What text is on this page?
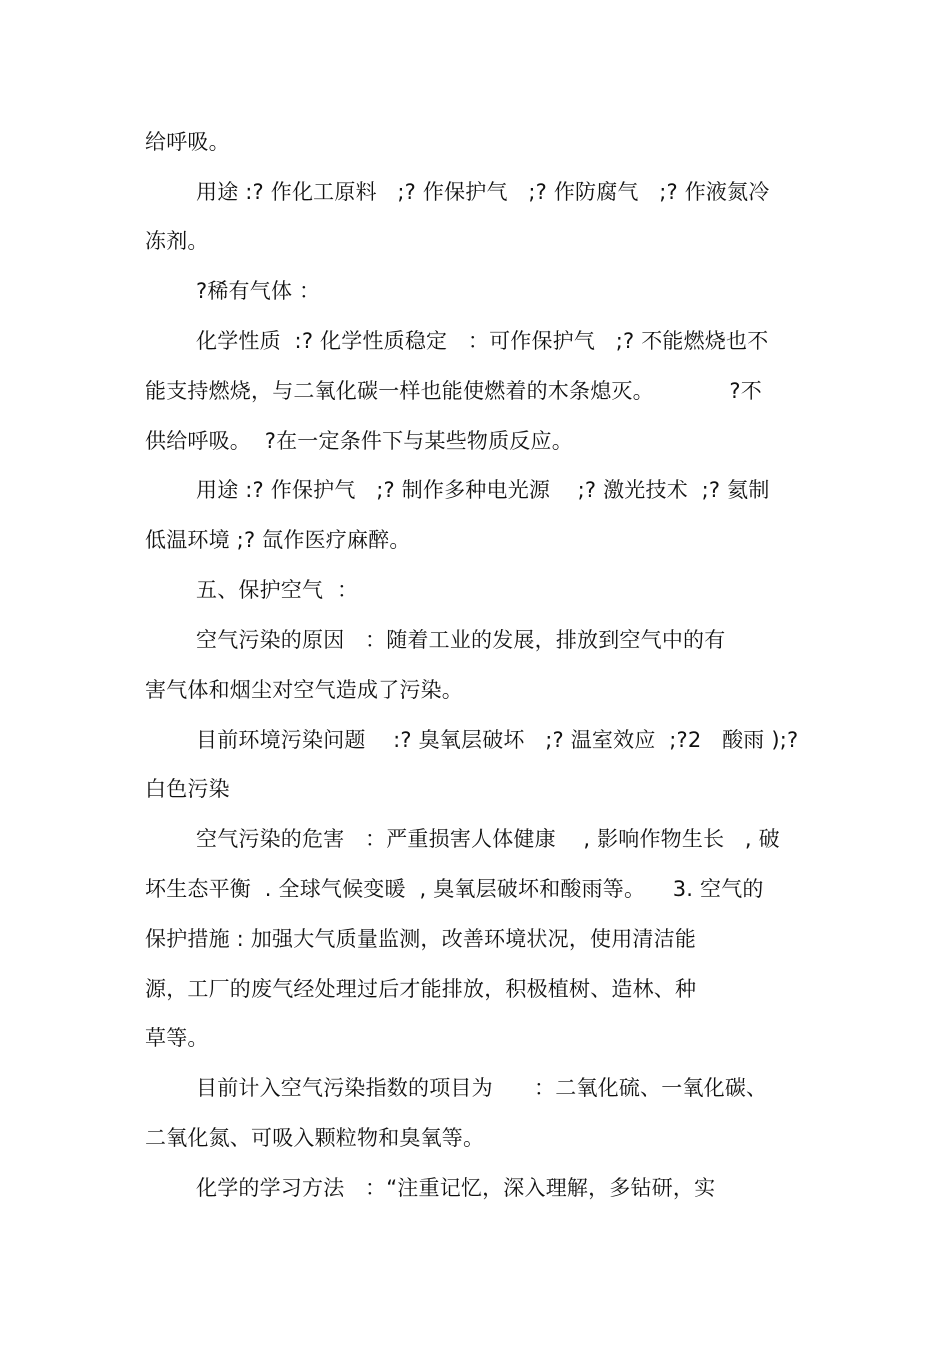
给呼吸。
用途 :? 作化工原料   ;? 作保护气   ;? 作防腐气   ;? 作液氮冷
冻剂。
?稀有气体 ：
化学性质  :? 化学性质稳定   ：可作保护气   ;? 不能燃烧也不
能支持燃烧，与二氧化碳一样也能使燃着的木条熄灭。           ?不
供给呼吸。  ?在一定条件下与某些物质反应。
用途 :? 作保护气   ;? 制作多种电光源    ;? 激光技术  ;? 氦制
低温环境 ;? 氙作医疗麻醉。
五、保护空气  ：
空气污染的原因   ：随着工业的发展，排放到空气中的有
害气体和烟尘对空气造成了污染。
目前环境污染问题    :? 臭氧层破坏   ;? 温室效应  ;?2   酸雨 );?
白色污染
空气污染的危害   ：严重损害人体健康    , 影响作物生长   , 破
坏生态平衡  . 全球气候变暖  , 臭氧层破坏和酸雨等。    3. 空气的
保护措施 : 加强大气质量监测，改善环境状况，使用清洁能
源，工厂的废气经处理过后才能排放，积极植树、造林、种
草等。
目前计入空气污染指数的项目为      ：二氧化硫、一氧化碳、
二氧化氮、可吸入颗粒物和臭氧等。
化学的学习方法   ：“注重记忆，深入理解，多钻研，实
